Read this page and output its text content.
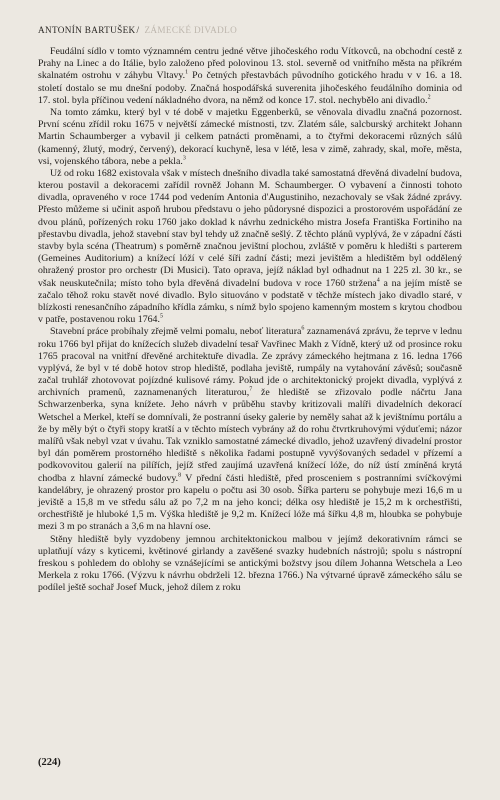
ANTONÍN BARTUŠEK/ ZÁMECKÉ DIVADLO

Feudální sídlo v tomto významném centru jedné větve jihočeského rodu Vítkovců, na obchodní cestě z Prahy na Linec a do Itálie, bylo založeno před polovinou 13. stol. severně od vnitřního města na příkrém skalnatém ostrohu v záhybu Vltavy.$^1$ Po četných přestavbách původního gotického hradu v v 16. a 18. století dostalo se mu dnešní podoby. Značná hospodářská suverenita jihočeského feudálního dominia od 17. stol. byla příčinou vedení nákladného dvora, na němž od konce 17. stol. nechybělo ani divadlo.$^2$

Na tomto zámku, který byl v té době v majetku Eggenberků, se věnovala divadlu značná pozornost. První scénu zřídil roku 1675 v největší zámecké místnosti, tzv. Zlatém sále, salcburský architekt Johann Martin Schaumberger a vybavil ji celkem patnácti proměnami, a to čtyřmi dekoracemi různých sálů (kamenný, žlutý, modrý, červený), dekorací kuchyně, lesa v létě, lesa v zimě, zahrady, skal, moře, města, vsi, vojenského tábora, nebe a pekla.$^3$

Už od roku 1682 existovala však v místech dnešního divadla také samostatná dřevěná divadelní budova, kterou postavil a dekoracemi zařídil rovněž Johann M. Schaumberger. O vybavení a činnosti tohoto divadla, opraveného v roce 1744 pod vedením Antonia d'Augustiniho, nezachovaly se však žádné zprávy. Přesto můžeme si učinit aspoň hrubou představu o jeho půdorysné dispozici a prostorovém uspořádání ze dvou plánů, pořízených roku 1760 jako doklad k návrhu zednického mistra Josefa Františka Fortiniho na přestavbu divadla, jehož stavební stav byl tehdy už značně sešlý. Z těchto plánů vyplývá, že v západní části stavby byla scéna (Theatrum) s poměrně značnou jevištní plochou, zvláště v poměru k hledišti s parterem (Gemeines Auditorium) a knížecí lóží v celé šíři zadní části; mezi jevištěm a hledištěm byl oddělený ohražený prostor pro orchestr (Di Musici). Tato oprava, jejíž náklad byl odhadnut na 1 225 zl. 30 kr., se však neuskutečnila; místo toho byla dřevěná divadelní budova v roce 1760 stržena$^4$ a na jejím místě se začalo těhož roku stavět nové divadlo. Bylo situováno v podstatě v těchže místech jako divadlo staré, v blízkosti renesančního západního křídla zámku, s nímž bylo spojeno kamenným mostem s krytou chodbou v patře, postavenou roku 1764.$^5$

Stavební práce probíhaly zřejmě velmi pomalu, neboť literatura$^6$ zaznamenává zprávu, že teprve v lednu roku 1766 byl přijat do knížecích služeb divadelní tesař Vavřinec Makh z Vídně, který už od prosince roku 1765 pracoval na vnitřní dřevěné architektuře divadla. Ze zprávy zámeckého hejtmana z 16. ledna 1766 vyplývá, že byl v té době hotov strop hlediště, podlaha jeviště, rumpály na vytahování závěsů; současně začal truhlář zhotovovat pojízdné kulisové rámy. Pokud jde o architektonický projekt divadla, vyplývá z archivních pramenů, zaznamenaných literaturou,$^7$ že hlediště se zřizovalo podle náčrtu Jana Schwarzenberka, syna knížete. Jeho návrh v průběhu stavby kritizovali malíři divadelních dekorací Wetschel a Merkel, kteří se domnívali, že postranní úseky galerie by neměly sahat až k jevištnímu portálu a že by měly být o čtyři stopy kratší a v těchto místech vybrány až do rohu čtvrtkruhovými výduťemi; názor malířů však nebyl vzat v úvahu. Tak vzniklo samostatné zámecké divadlo, jehož uzavřený divadelní prostor byl dán poměrem prostorného hlediště s několika řadami postupně vyvýšovaných sedadel v přízemí a podkovovitou galerií na pilířích, jejíž střed zaujímá uzavřená knížecí lóže, do níž ústí zmíněná krytá chodba z hlavní zámecké budovy.$^8$ V přední části hlediště, před prosceniem s postranními svíčkovými kandelábry, je ohrazený prostor pro kapelu o počtu asi 30 osob. Šířka parteru se pohybuje mezi 16,6 m u jeviště a 15,8 m ve středu sálu až po 7,2 m na jeho konci; délka osy hlediště je 15,2 m k orchestřišti, orchestřiště je hluboké 1,5 m. Výška hlediště je 9,2 m. Knížecí lóže má šířku 4,8 m, hloubka se pohybuje mezi 3 m po stranách a 3,6 m na hlavní ose.

Stěny hlediště byly vyzdobeny jemnou architektonickou malbou v jejímž dekorativním rámci se uplatňují vázy s kyticemi, květinové girlandy a zavěšené svazky hudebních nástrojů; spolu s nástropní freskou s pohledem do oblohy se vznášejícími se antickými božstvy jsou dílem Johanna Wetschela a Leo Merkela z roku 1766. (Výzvu k návrhu obdrželi 12. března 1766.) Na výtvarné úpravě zámeckého sálu se podílel ještě sochař Josef Muck, jehož dílem z roku

(224)
